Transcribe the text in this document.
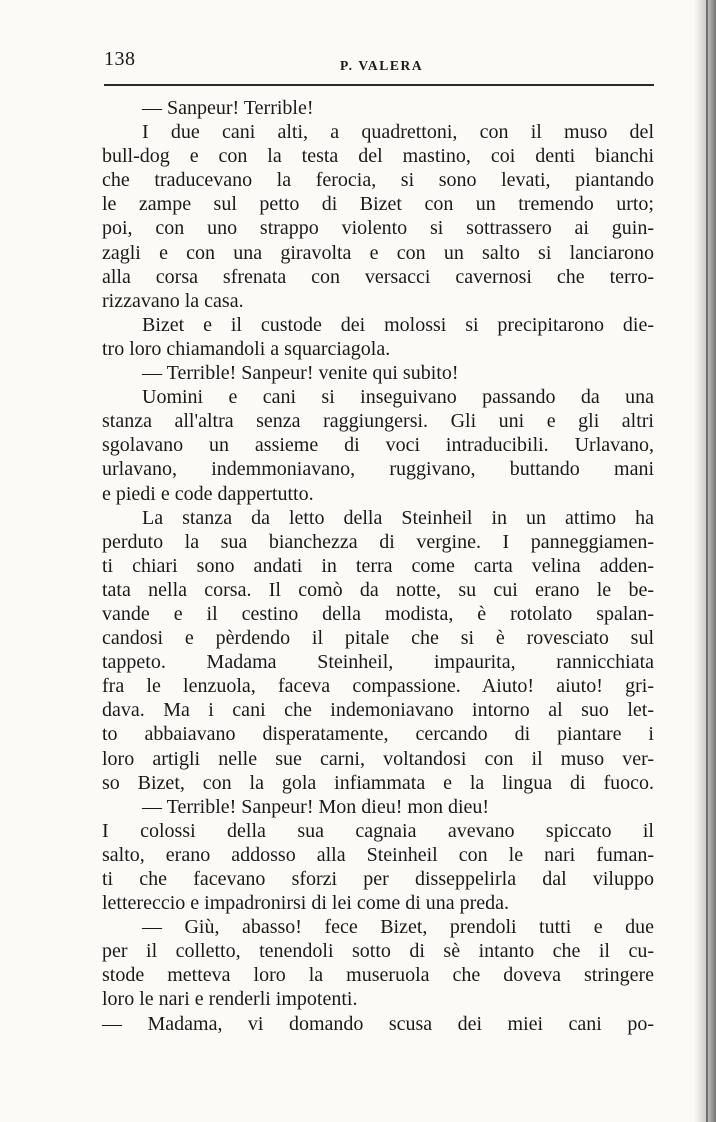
138	P. VALERA
— Sanpeur! Terrible!
I due cani alti, a quadrettoni, con il muso del
bull-dog e con la testa del mastino, coi denti bianchi
che traducevano la ferocia, si sono levati, piantando
le zampe sul petto di Bizet con un tremendo urto;
poi, con uno strappo violento si sottrassero ai guin-
zagli e con una giravolta e con un salto si lanciarono
alla corsa sfrenata con versacci cavernosi che terro-
rizzavano la casa.
Bizet e il custode dei molossi si precipitarono die-
tro loro chiamandoli a squarciagola.
— Terrible! Sanpeur! venite qui subito!
Uomini e cani si inseguivano passando da una
stanza all'altra senza raggiungersi. Gli uni e gli altri
sgolavano un assieme di voci intraducibili. Urlavano,
urlavano, indemmoniavano, ruggivano, buttando mani
e piedi e code dappertutto.
La stanza da letto della Steinheil in un attimo ha
perduto la sua bianchezza di vergine. I panneggiamen-
ti chiari sono andati in terra come carta velina adden-
tata nella corsa. Il comò da notte, su cui erano le be-
vande e il cestino della modista, è rotolato spalan-
candosi e pèrdendo il pitale che si è rovesciato sul
tappeto. Madama Steinheil, impaurita, rannicchiata
fra le lenzuola, faceva compassione. Aiuto! aiuto! gri-
dava. Ma i cani che indemoniavano intorno al suo let-
to abbaiavano disperatamente, cercando di piantare i
loro artigli nelle sue carni, voltandosi con il muso ver-
so Bizet, con la gola infiammata e la lingua di fuoco.
— Terrible! Sanpeur! Mon dieu! mon dieu!
I colossi della sua cagnaia avevano spiccato il
salto, erano addosso alla Steinheil con le nari fuman-
ti che facevano sforzi per disseppelirla dal viluppo
lettereccio e impadronirsi di lei come di una preda.
— Giù, abasso! fece Bizet, prendoli tutti e due
per il colletto, tenendoli sotto di sè intanto che il cu-
stode metteva loro la museruola che doveva stringere
loro le nari e renderli impotenti.
— Madama, vi domando scusa dei miei cani po-
